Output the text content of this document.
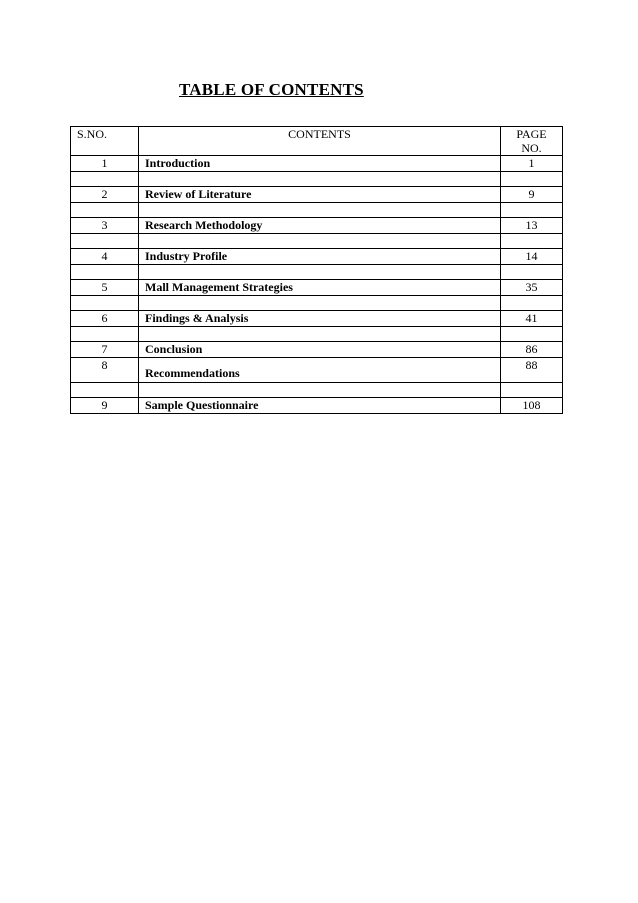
TABLE OF CONTENTS
S.NO.	CONTENTS	PAGE NO.
1	Introduction	1

2	Review of Literature	9

3	Research Methodology	13

4	Industry Profile	14

5	Mall Management Strategies	35

6	Findings & Analysis	41

7	Conclusion	86
8	Recommendations	88

9	Sample Questionnaire	108
